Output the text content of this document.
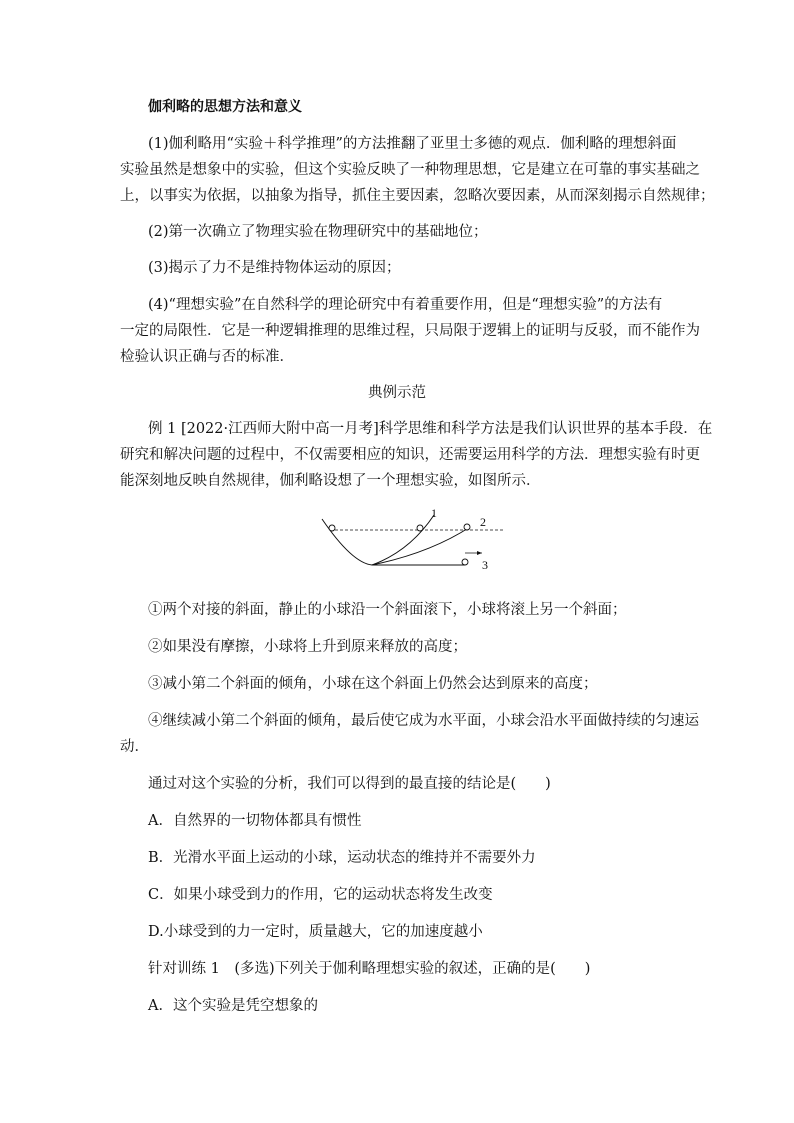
伽利略的思想方法和意义
(1)伽利略用“实验＋科学推理”的方法推翻了亚里士多德的观点．伽利略的理想斜面
实验虽然是想象中的实验，但这个实验反映了一种物理思想，它是建立在可靠的事实基础之
上，以事实为依据，以抽象为指导，抓住主要因素，忽略次要因素，从而深刻揭示自然规律；
(2)第一次确立了物理实验在物理研究中的基础地位；
(3)揭示了力不是维持物体运动的原因；
(4)“理想实验”在自然科学的理论研究中有着重要作用，但是“理想实验”的方法有
一定的局限性．它是一种逻辑推理的思维过程，只局限于逻辑上的证明与反驳，而不能作为
检验认识正确与否的标准．
典例示范
例 1 [2022·江西师大附中高一月考]科学思维和科学方法是我们认识世界的基本手段．在
研究和解决问题的过程中，不仅需要相应的知识，还需要运用科学的方法．理想实验有时更
能深刻地反映自然规律，伽利略设想了一个理想实验，如图所示．
1
2
3
①两个对接的斜面，静止的小球沿一个斜面滚下，小球将滚上另一个斜面；
②如果没有摩擦，小球将上升到原来释放的高度；
③减小第二个斜面的倾角，小球在这个斜面上仍然会达到原来的高度；
④继续减小第二个斜面的倾角，最后使它成为水平面，小球会沿水平面做持续的匀速运
动．
通过对这个实验的分析，我们可以得到的最直接的结论是(　　)
A．自然界的一切物体都具有惯性
B．光滑水平面上运动的小球，运动状态的维持并不需要外力
C．如果小球受到力的作用，它的运动状态将发生改变
D.小球受到的力一定时，质量越大，它的加速度越小
针对训练 1　(多选)下列关于伽利略理想实验的叙述，正确的是(　　)
A．这个实验是凭空想象的
